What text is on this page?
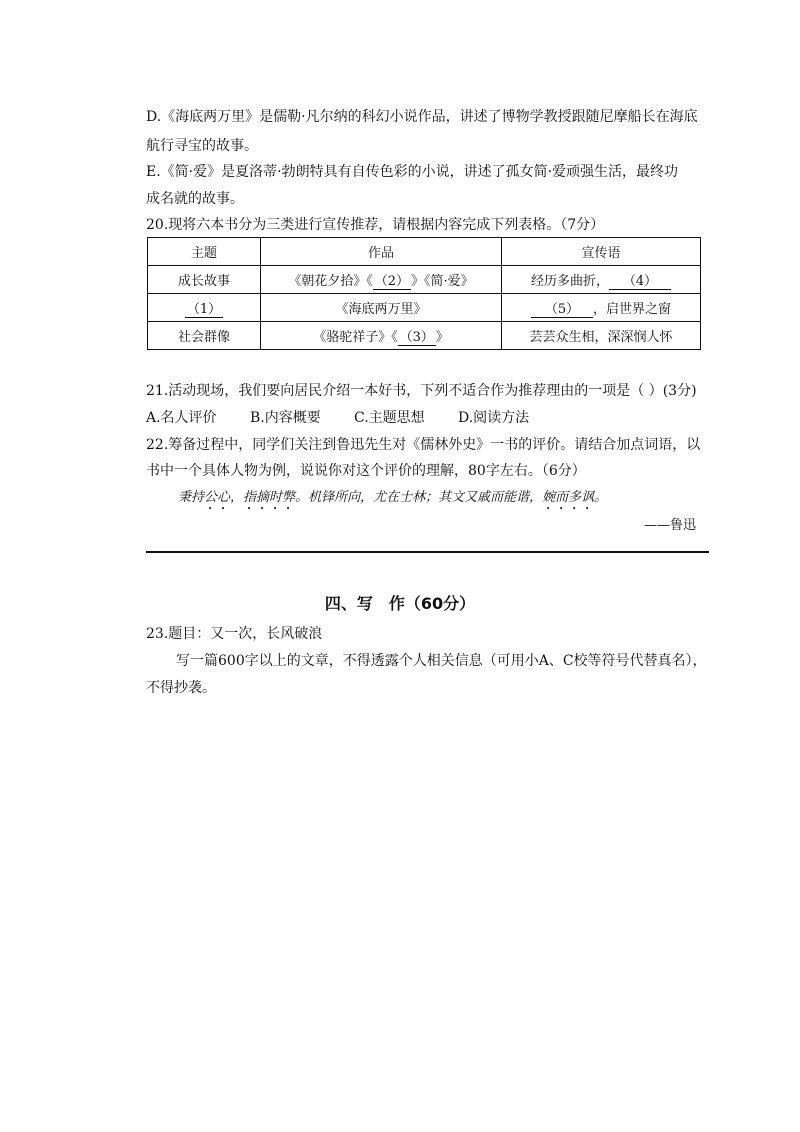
D.《海底两万里》是儒勒·凡尔纳的科幻小说作品，讲述了博物学教授跟随尼摩船长在海底
航行寻宝的故事。
E.《简·爱》是夏洛蒂·勃朗特具有自传色彩的小说，讲述了孤女简·爱顽强生活，最终功
成名就的故事。
20.现将六本书分为三类进行宣传推荐，请根据内容完成下列表格。（7分）
主题	作品	宣传语
成长故事	《朝花夕拾》《 （2） 》《简·爱》	经历多曲折， （4）
（1）	《海底两万里》	（5） ，启世界之窗
社会群像	《骆驼祥子》《 （3） 》	芸芸众生相，深深悯人怀
21.活动现场，我们要向居民介绍一本好书，下列不适合作为推荐理由的一项是（ ）(3分)
A.名人评价 B.内容概要 C.主题思想 D.阅读方法
22.筹备过程中，同学们关注到鲁迅先生对《儒林外史》一书的评价。请结合加点词语，以
书中一个具体人物为例，说说你对这个评价的理解，80字左右。（6分）
秉持公心，指摘时弊。机锋所向，尤在士林；其文又戚而能谐，婉而多讽。
——鲁迅
四、写　作（60分）
23.题目：又一次，长风破浪
写一篇600字以上的文章，不得透露个人相关信息（可用小A、C校等符号代替真名），
不得抄袭。
